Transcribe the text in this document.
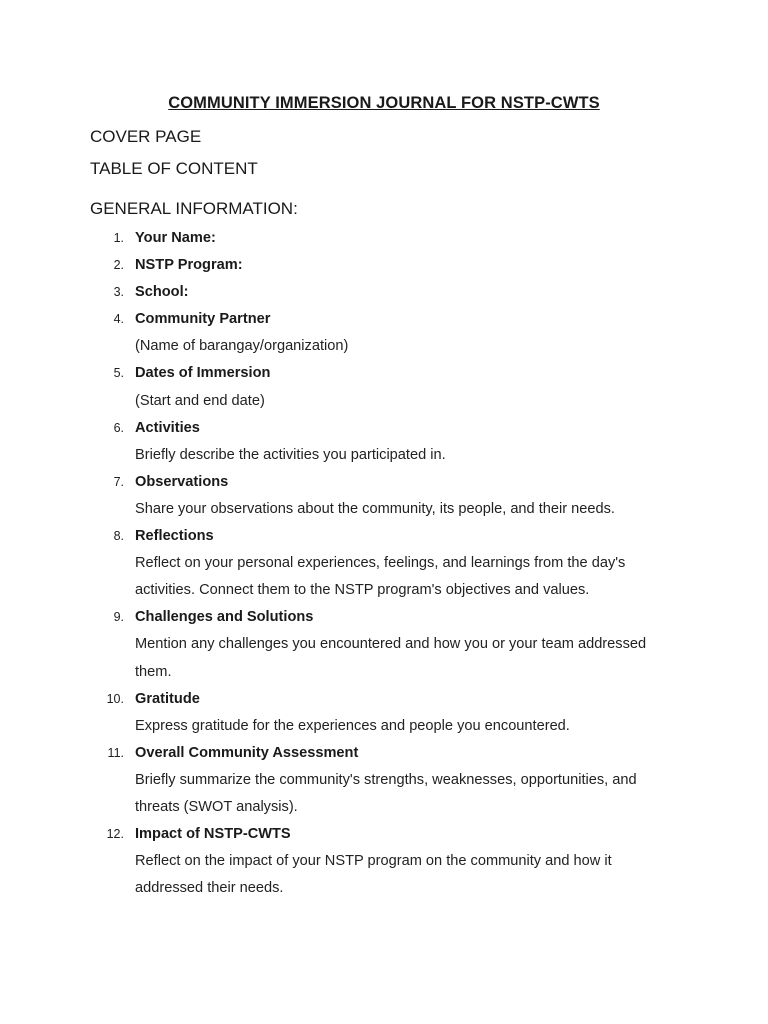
COMMUNITY IMMERSION JOURNAL FOR NSTP-CWTS
COVER PAGE
TABLE OF CONTENT
GENERAL INFORMATION:
1. Your Name:
2. NSTP Program:
3. School:
4. Community Partner
(Name of barangay/organization)
5. Dates of Immersion
(Start and end date)
6. Activities
Briefly describe the activities you participated in.
7. Observations
Share your observations about the community, its people, and their needs.
8. Reflections
Reflect on your personal experiences, feelings, and learnings from the day's
activities. Connect them to the NSTP program's objectives and values.
9. Challenges and Solutions
Mention any challenges you encountered and how you or your team addressed
them.
10. Gratitude
Express gratitude for the experiences and people you encountered.
11. Overall Community Assessment
Briefly summarize the community's strengths, weaknesses, opportunities, and
threats (SWOT analysis).
12. Impact of NSTP-CWTS
Reflect on the impact of your NSTP program on the community and how it
addressed their needs.
